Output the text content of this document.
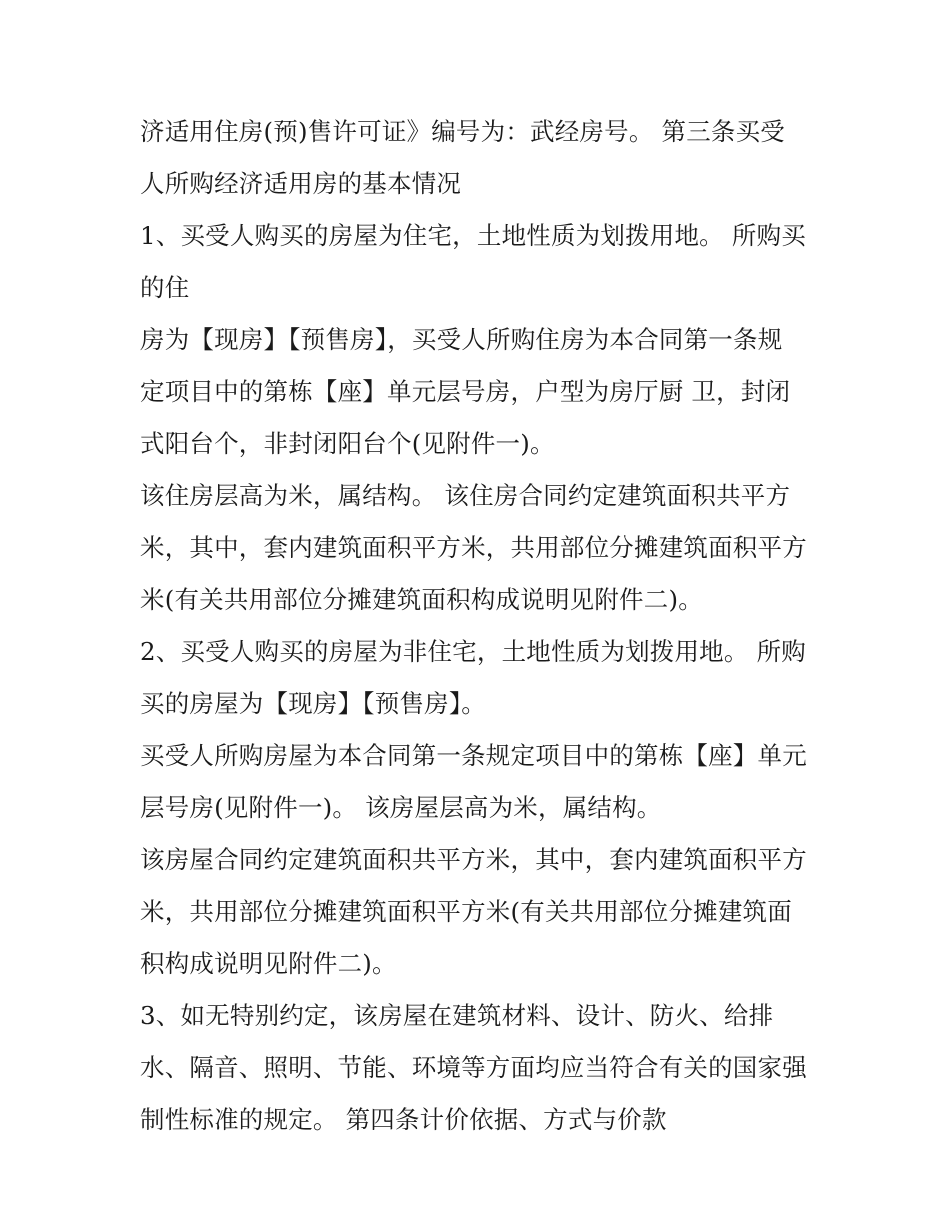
济适用住房(预)售许可证》编号为：武经房号。 第三条买受
人所购经济适用房的基本情况
1、买受人购买的房屋为住宅，土地性质为划拨用地。 所购买
的住
房为【现房】【预售房】，买受人所购住房为本合同第一条规
定项目中的第栋【座】单元层号房，户型为房厅厨 卫，封闭
式阳台个，非封闭阳台个(见附件一)。
该住房层高为米，属结构。 该住房合同约定建筑面积共平方
米，其中，套内建筑面积平方米，共用部位分摊建筑面积平方
米(有关共用部位分摊建筑面积构成说明见附件二)。
2、买受人购买的房屋为非住宅，土地性质为划拨用地。 所购
买的房屋为【现房】【预售房】。
买受人所购房屋为本合同第一条规定项目中的第栋【座】单元
层号房(见附件一)。 该房屋层高为米，属结构。
该房屋合同约定建筑面积共平方米，其中，套内建筑面积平方
米，共用部位分摊建筑面积平方米(有关共用部位分摊建筑面
积构成说明见附件二)。
3、如无特别约定，该房屋在建筑材料、设计、防火、给排
水、隔音、照明、节能、环境等方面均应当符合有关的国家强
制性标准的规定。 第四条计价依据、方式与价款
